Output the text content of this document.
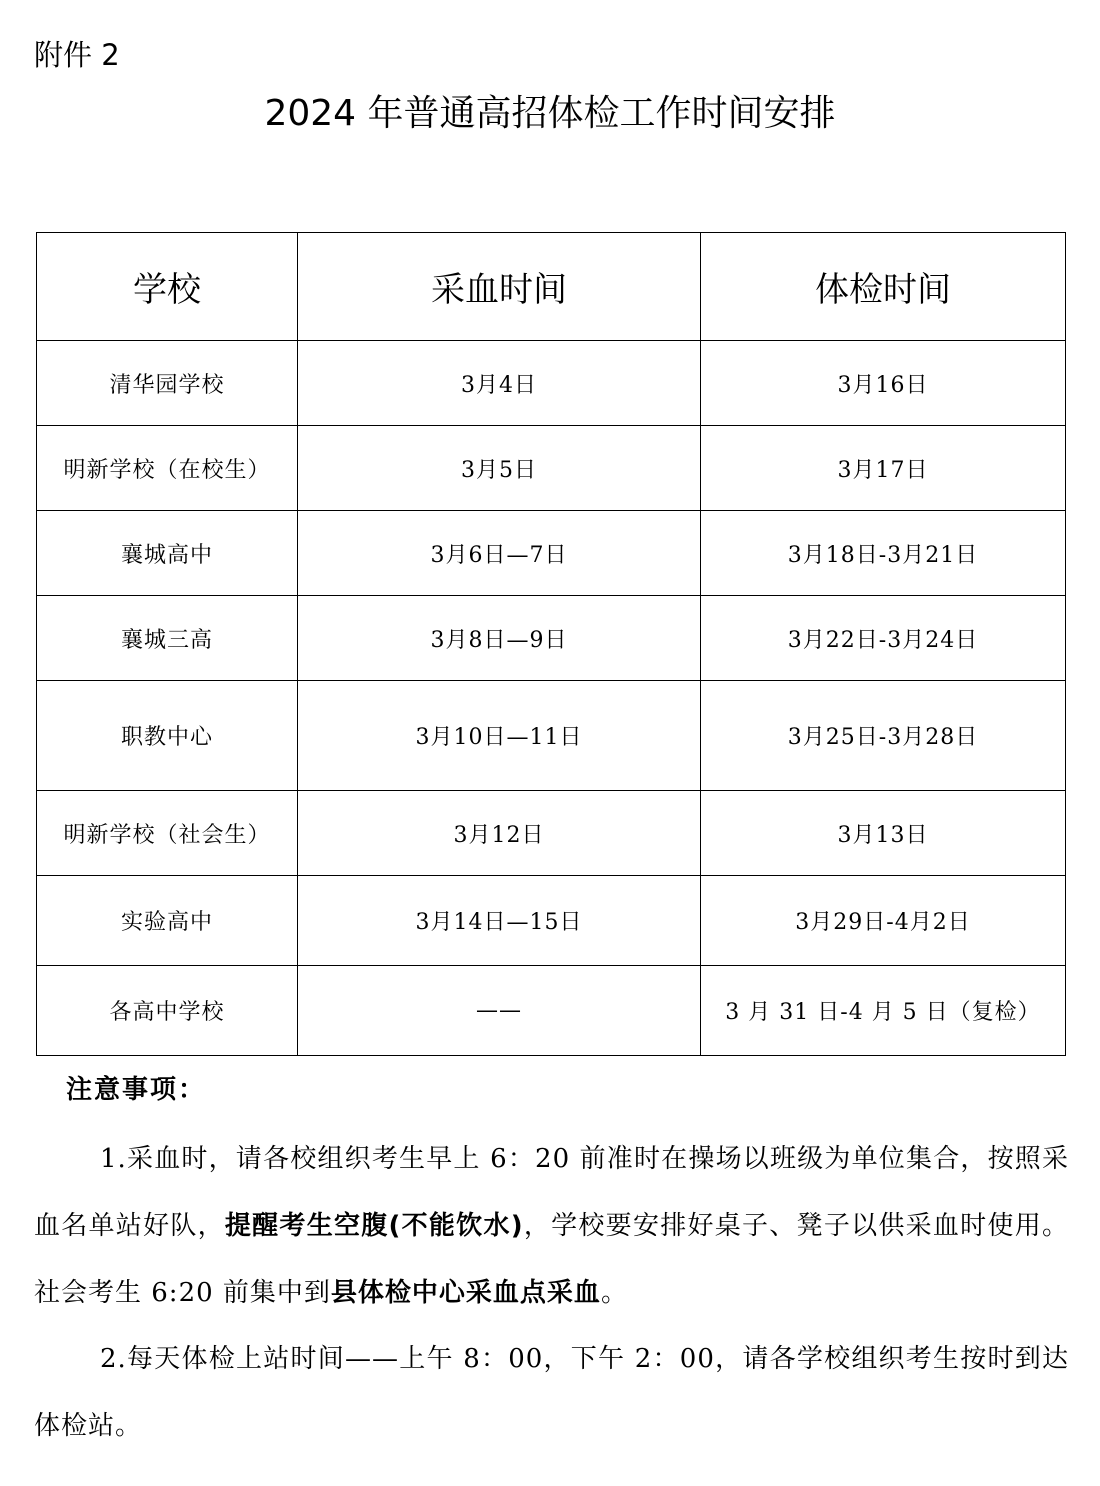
附件 2
2024 年普通高招体检工作时间安排
学校	采血时间	体检时间
清华园学校	3月4日	3月16日
明新学校（在校生）	3月5日	3月17日
襄城高中	3月6日—7日	3月18日-3月21日
襄城三高	3月8日—9日	3月22日-3月24日
职教中心	3月10日—11日	3月25日-3月28日
明新学校（社会生）	3月12日	3月13日
实验高中	3月14日—15日	3月29日-4月2日
各高中学校	——	3 月 31 日-4 月 5 日（复检）
注意事项：
1.采血时，请各校组织考生早上 6：20 前准时在操场以班级为单位集合，按照采血名单站好队，提醒考生空腹(不能饮水)，学校要安排好桌子、凳子以供采血时使用。社会考生 6:20 前集中到县体检中心采血点采血。
2.每天体检上站时间——上午 8：00，下午 2：00，请各学校组织考生按时到达体检站。
